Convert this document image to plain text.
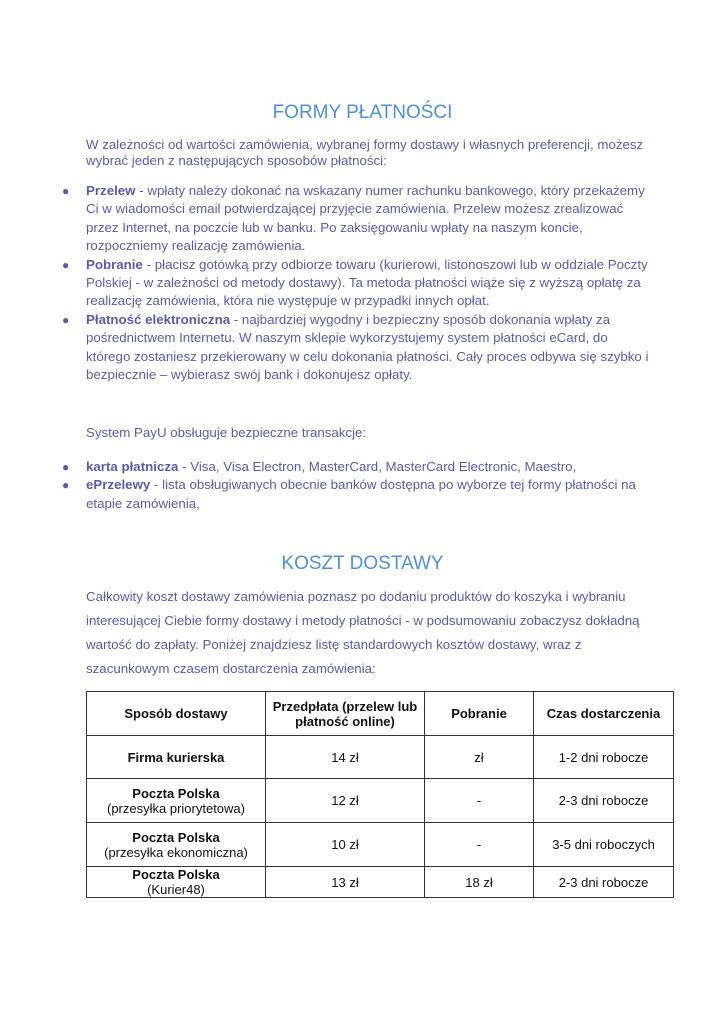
FORMY PŁATNOŚCI

W zależności od wartości zamówienia, wybranej formy dostawy i własnych preferencji, możesz wybrać jeden z następujących sposobów płatności:

● Przelew - wpłaty należy dokonać na wskazany numer rachunku bankowego, który przekażemy Ci w wiadomości email potwierdzającej przyjęcie zamówienia. Przelew możesz zrealizować przez Internet, na poczcie lub w banku. Po zaksięgowaniu wpłaty na naszym koncie, rozpoczniemy realizację zamówienia.
● Pobranie - płacisz gotówką przy odbiorze towaru (kurierowi, listonoszowi lub w oddziale Poczty Polskiej - w zależności od metody dostawy). Ta metoda płatności wiąże się z wyższą opłatę za realizację zamówienia, która nie występuje w przypadki innych opłat.
● Płatność elektroniczna - najbardziej wygodny i bezpieczny sposób dokonania wpłaty za pośrednictwem Internetu. W naszym sklepie wykorzystujemy system płatności eCard, do którego zostaniesz przekierowany w celu dokonania płatności. Cały proces odbywa się szybko i bezpiecznie – wybierasz swój bank i dokonujesz opłaty.

System PayU obsługuje bezpieczne transakcje:

● karta płatnicza - Visa, Visa Electron, MasterCard, MasterCard Electronic, Maestro,
● ePrzelewy - lista obsługiwanych obecnie banków dostępna po wyborze tej formy płatności na etapie zamówienia,
KOSZT DOSTAWY

Całkowity koszt dostawy zamówienia poznasz po dodaniu produktów do koszyka i wybraniu interesującej Ciebie formy dostawy i metody płatności - w podsumowaniu zobaczysz dokładną wartość do zapłaty. Poniżej znajdziesz listę standardowych kosztów dostawy, wraz z szacunkowym czasem dostarczenia zamówienia:

Sposób dostawy	Przedpłata (przelew lub płatność online)	Pobranie	Czas dostarczenia

Firma kurierska	14 zł	zł	1-2 dni robocze

Poczta Polska
(przesyłka priorytetowa)	12 zł	-	2-3 dni robocze

Poczta Polska
(przesyłka ekonomiczna)	10 zł	-	3-5 dni roboczych

Poczta Polska
(Kurier48)	13 zł	18 zł	2-3 dni robocze
